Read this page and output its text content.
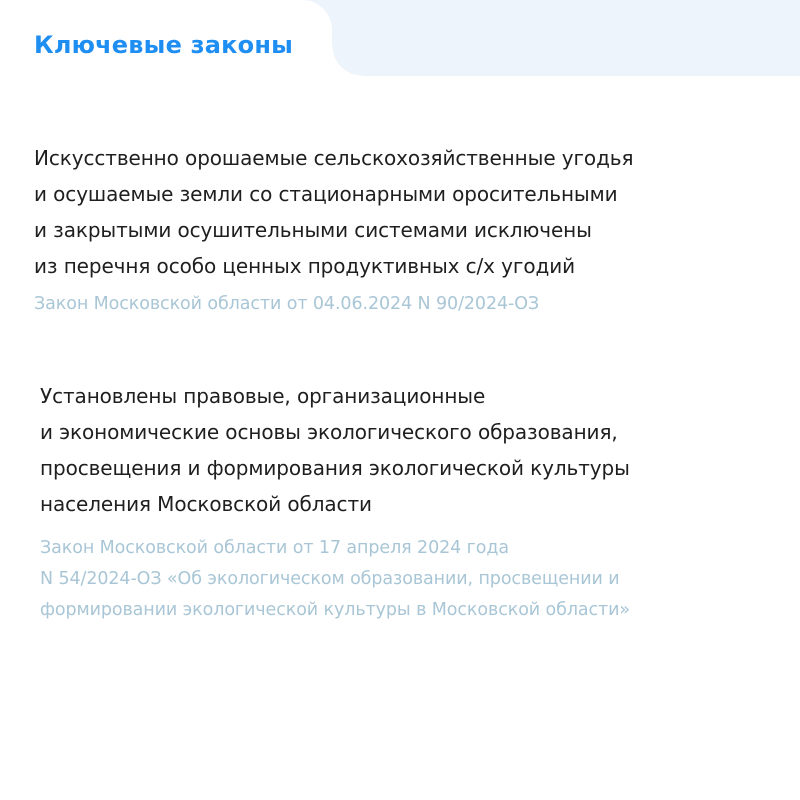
Ключевые законы
Искусственно орошаемые сельскохозяйственные угодья
и осушаемые земли со стационарными оросительными
и закрытыми осушительными системами исключены
из перечня особо ценных продуктивных с/х угодий
Закон Московской области от 04.06.2024 N 90/2024-ОЗ
Установлены правовые, организационные
и экономические основы экологического образования,
просвещения и формирования экологической культуры
населения Московской области
Закон Московской области от 17 апреля 2024 года
N 54/2024-ОЗ «Об экологическом образовании, просвещении и
формировании экологической культуры в Московской области»
